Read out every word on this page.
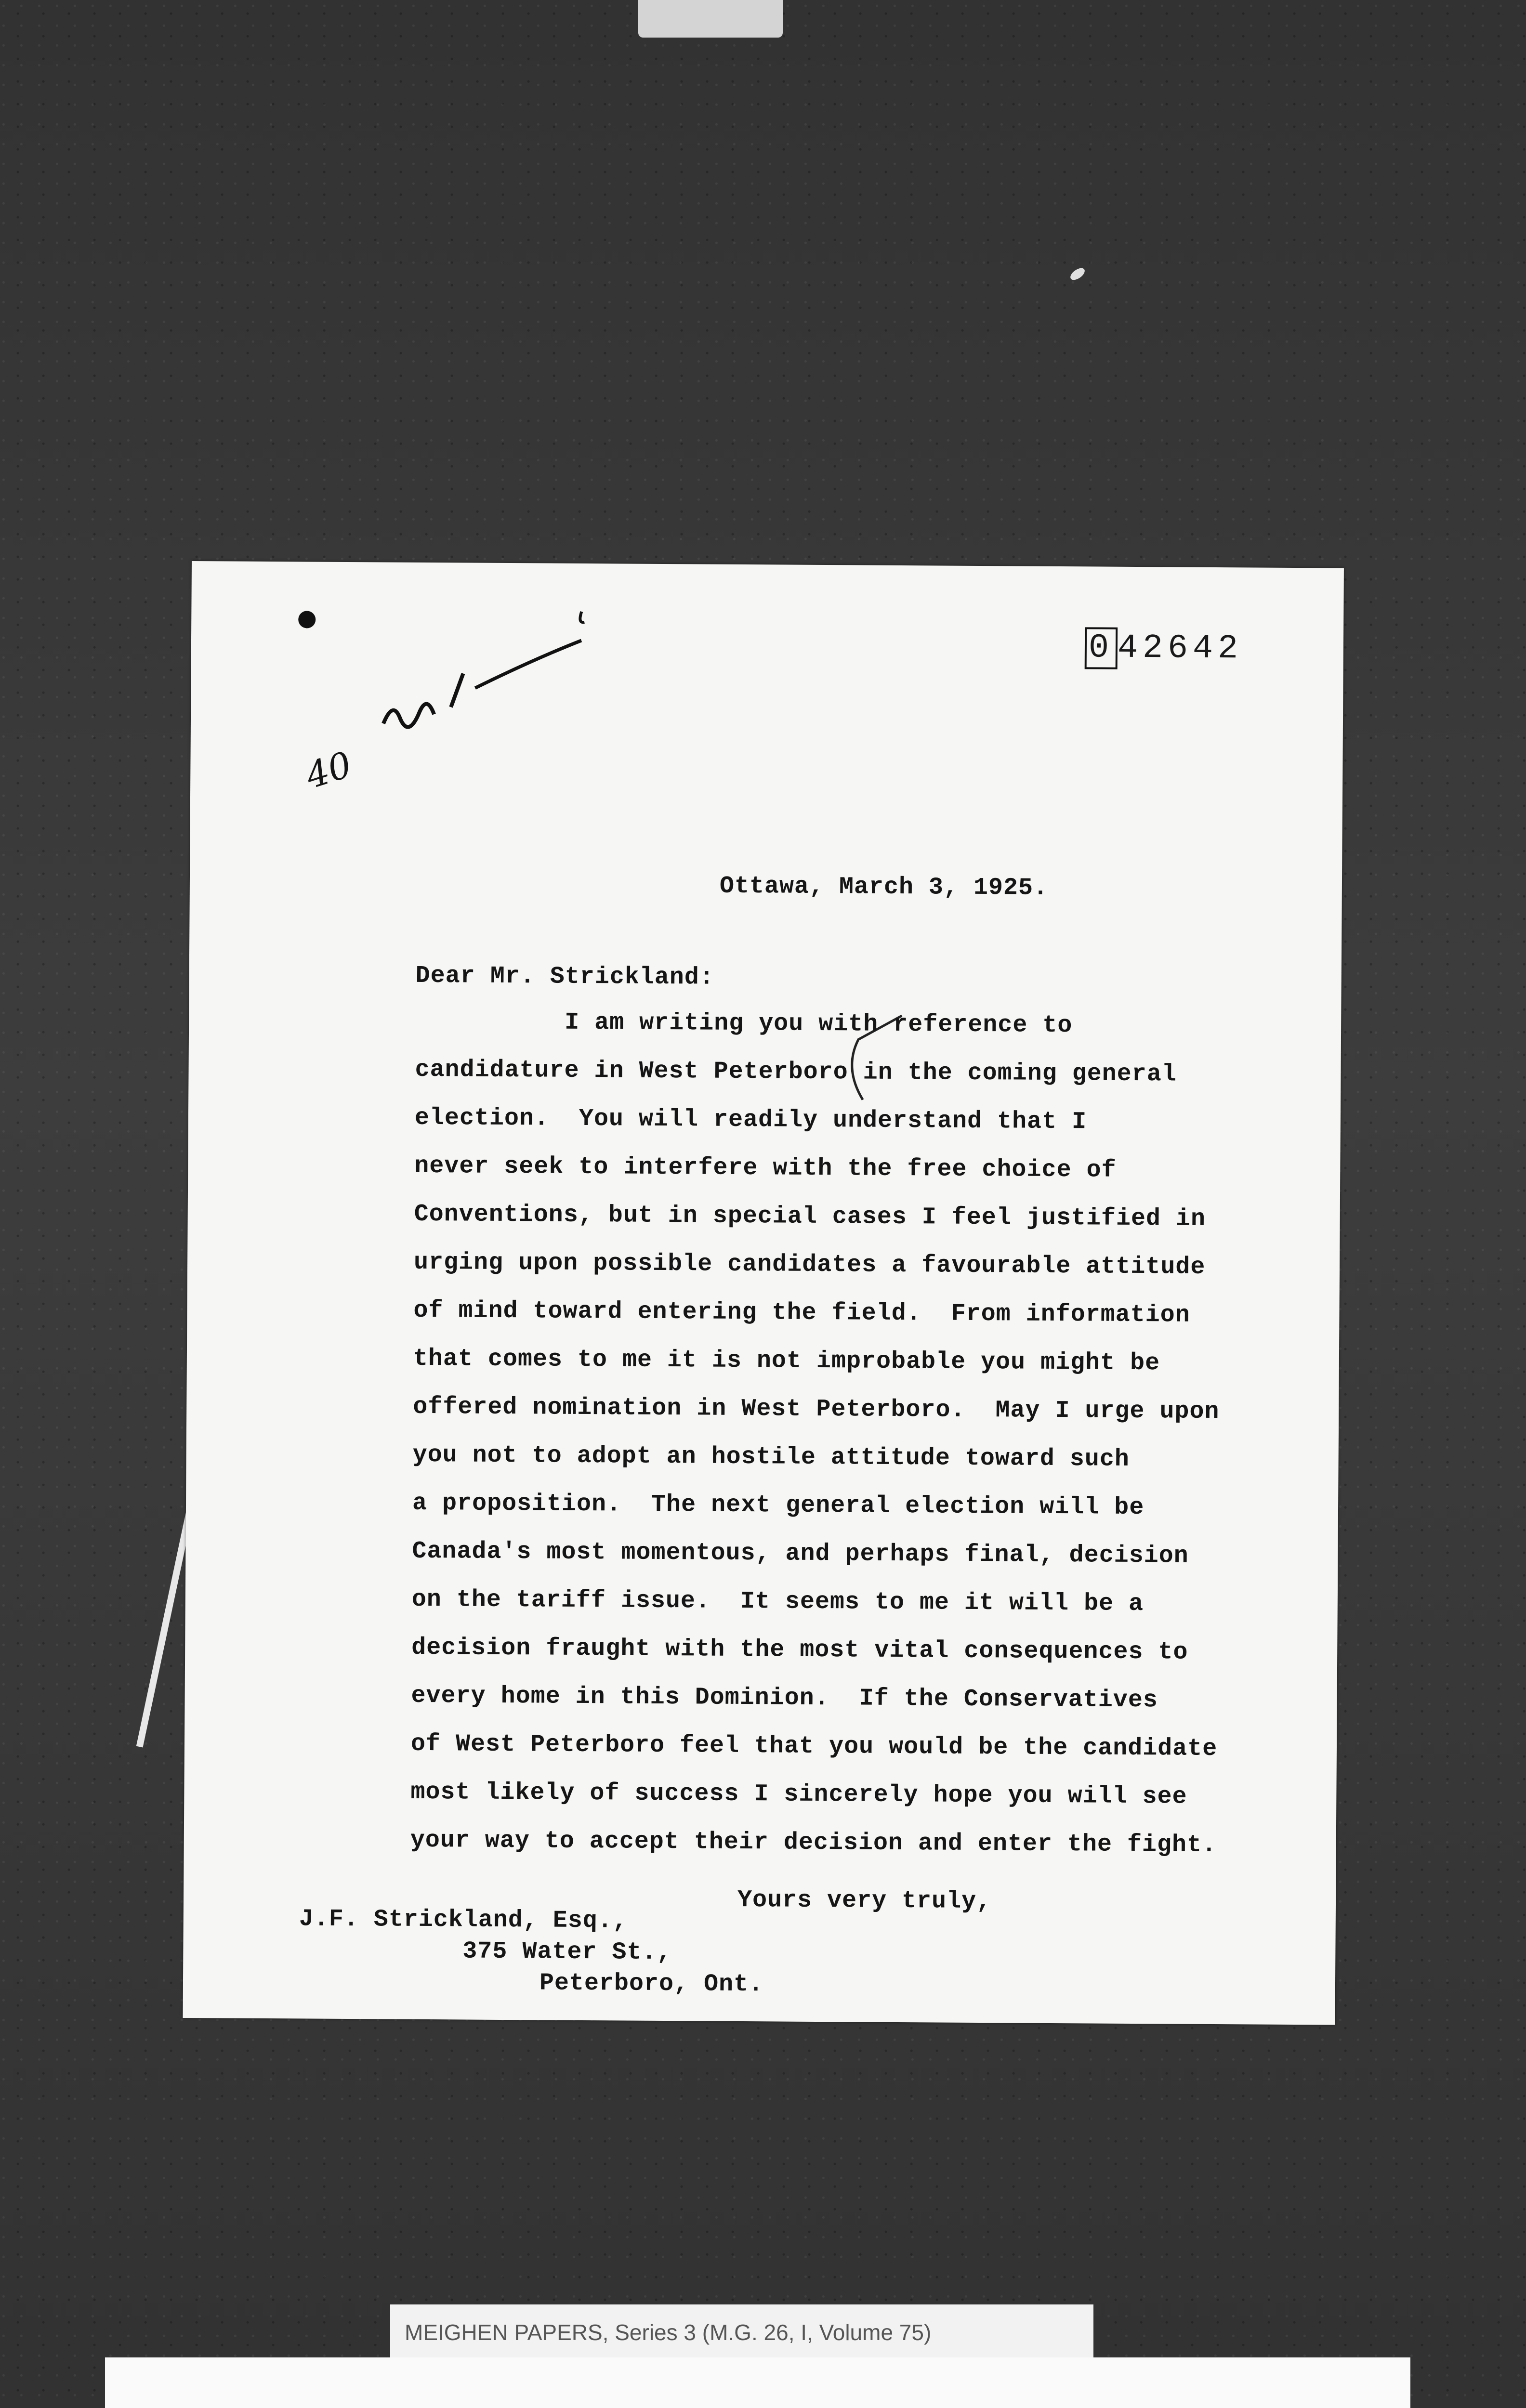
0 42642
40
Ottawa, March 3, 1925.
Dear Mr. Strickland:
I am writing you with reference to
candidature in West Peterboro in the coming general
election.  You will readily understand that I
never seek to interfere with the free choice of
Conventions, but in special cases I feel justified in
urging upon possible candidates a favourable attitude
of mind toward entering the field.  From information
that comes to me it is not improbable you might be
offered nomination in West Peterboro.  May I urge upon
you not to adopt an hostile attitude toward such
a proposition.  The next general election will be
Canada's most momentous, and perhaps final, decision
on the tariff issue.  It seems to me it will be a
decision fraught with the most vital consequences to
every home in this Dominion.  If the Conservatives
of West Peterboro feel that you would be the candidate
most likely of success I sincerely hope you will see
your way to accept their decision and enter the fight.
Yours very truly,
J.F. Strickland, Esq.,
375 Water St.,
Peterboro, Ont.
MEIGHEN PAPERS, Series 3 (M.G. 26, I, Volume 75)
